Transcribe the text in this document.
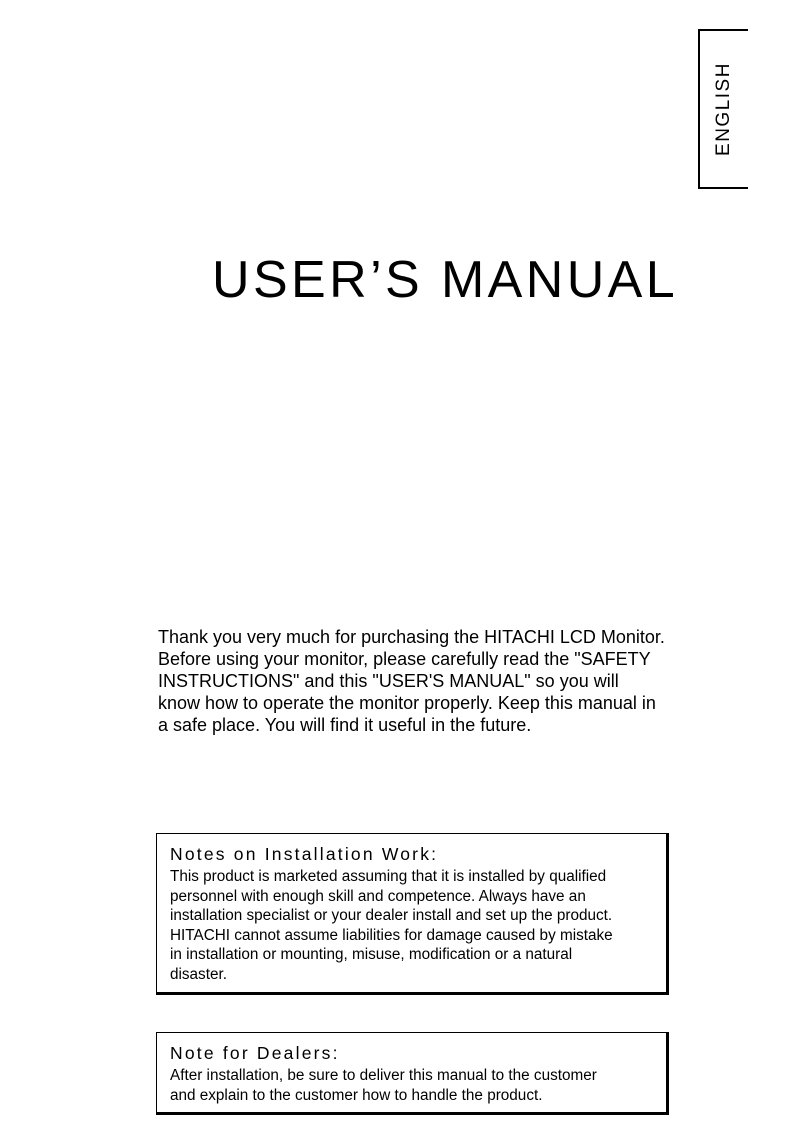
ENGLISH
USER’S MANUAL

Thank you very much for purchasing the HITACHI LCD Monitor.
Before using your monitor, please carefully read the "SAFETY
INSTRUCTIONS" and this "USER'S MANUAL" so you will
know how to operate the monitor properly. Keep this manual in
a safe place. You will find it useful in the future.

Notes on Installation Work:

This product is marketed assuming that it is installed by qualified
personnel with enough skill and competence. Always have an
installation specialist or your dealer install and set up the product.
HITACHI cannot assume liabilities for damage caused by mistake
in installation or mounting, misuse, modification or a natural
disaster.

Note for Dealers:

After installation, be sure to deliver this manual to the customer
and explain to the customer how to handle the product.
